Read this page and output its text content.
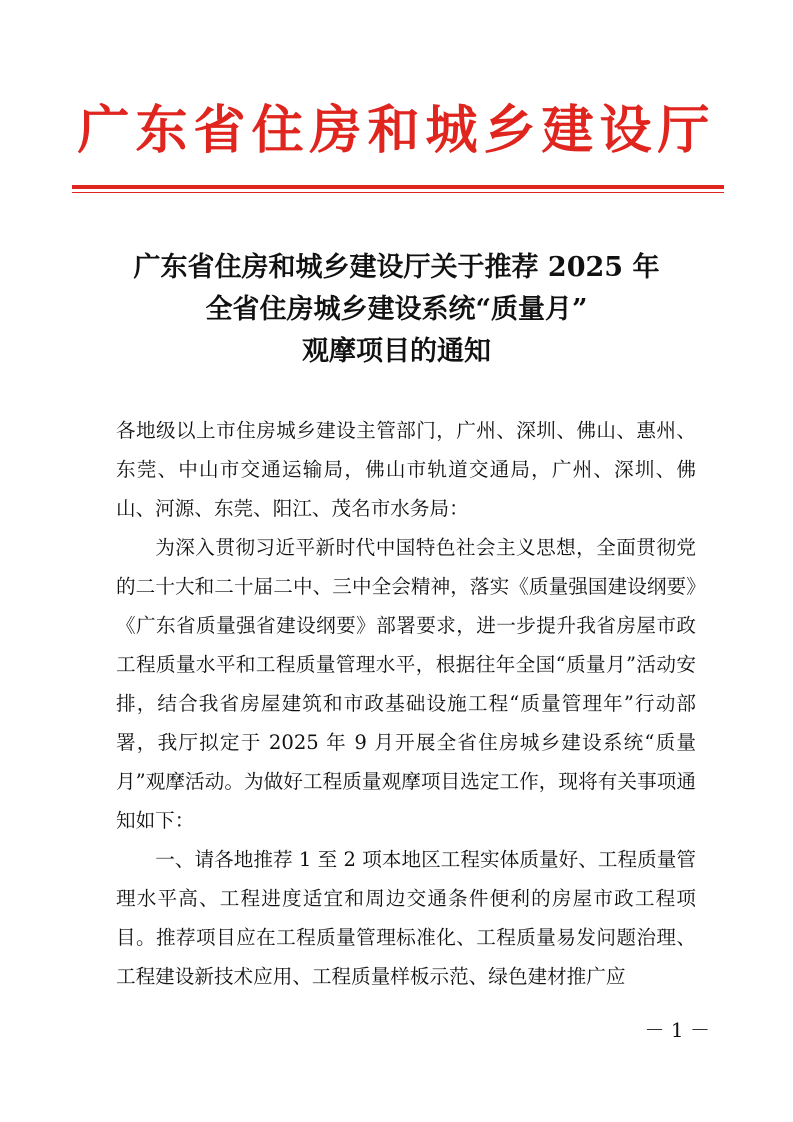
广东省住房和城乡建设厅
广东省住房和城乡建设厅关于推荐 2025 年
全省住房城乡建设系统“质量月”
观摩项目的通知

各地级以上市住房城乡建设主管部门，广州、深圳、佛山、惠州、东莞、中山市交通运输局，佛山市轨道交通局，广州、深圳、佛山、河源、东莞、阳江、茂名市水务局：

为深入贯彻习近平新时代中国特色社会主义思想，全面贯彻党的二十大和二十届二中、三中全会精神，落实《质量强国建设纲要》《广东省质量强省建设纲要》部署要求，进一步提升我省房屋市政工程质量水平和工程质量管理水平，根据往年全国“质量月”活动安排，结合我省房屋建筑和市政基础设施工程“质量管理年”行动部署，我厅拟定于 2025 年 9 月开展全省住房城乡建设系统“质量月”观摩活动。为做好工程质量观摩项目选定工作，现将有关事项通知如下：

一、请各地推荐 1 至 2 项本地区工程实体质量好、工程质量管理水平高、工程进度适宜和周边交通条件便利的房屋市政工程项目。推荐项目应在工程质量管理标准化、工程质量易发问题治理、工程建设新技术应用、工程质量样板示范、绿色建材推广应

－ 1 －
